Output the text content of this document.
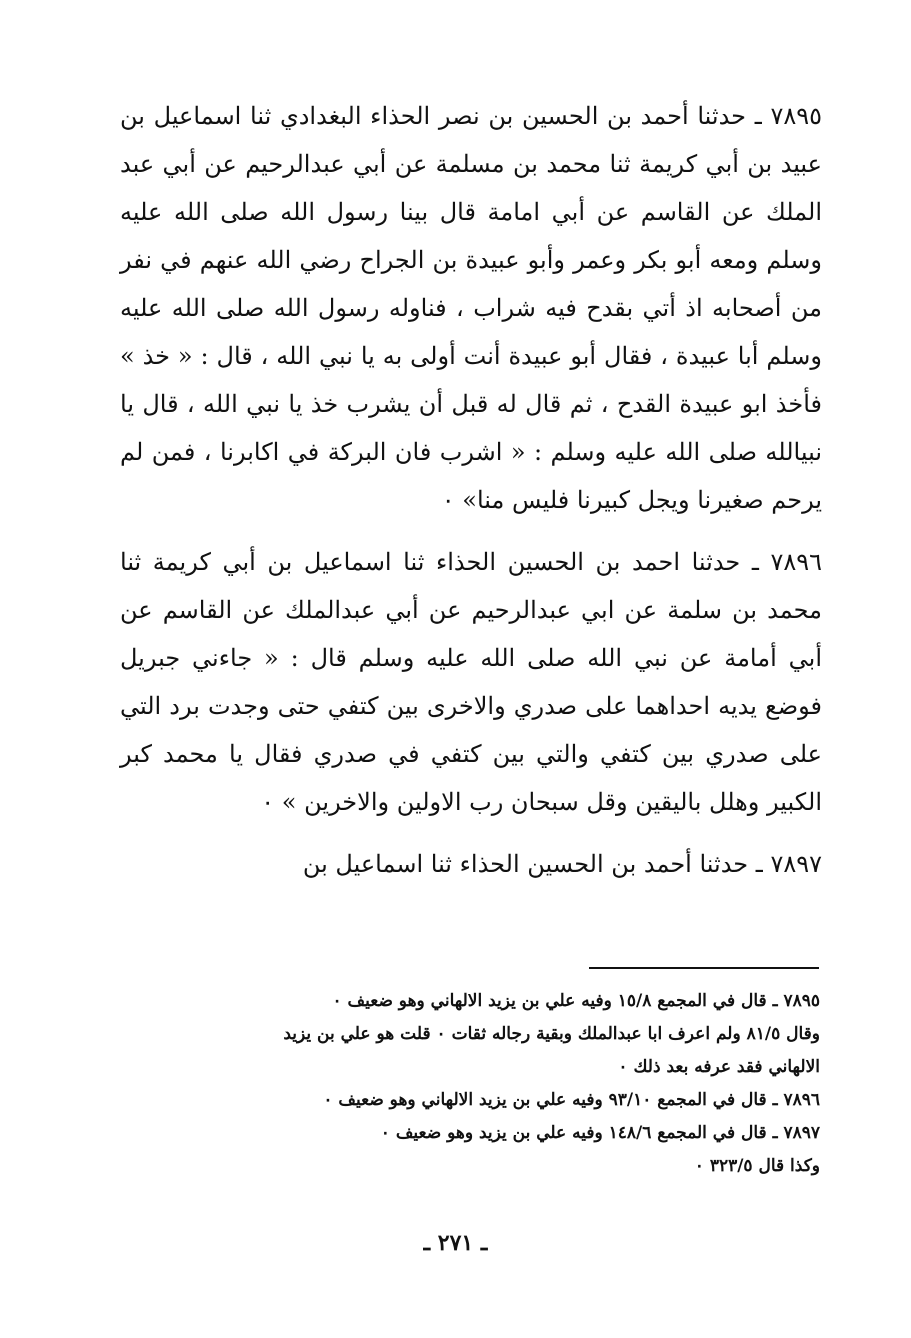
٧٨٩٥ ـ حدثنا أحمد بن الحسين بن نصر الحذاء البغدادي ثنا اسماعيل بن عبيد بن أبي كريمة ثنا محمد بن مسلمة عن أبي عبدالرحيم عن أبي عبد الملك عن القاسم عن أبي امامة قال بينا رسول الله صلى الله عليه وسلم ومعه أبو بكر وعمر وأبو عبيدة بن الجراح رضي الله عنهم في نفر من أصحابه اذ أتي بقدح فيه شراب ، فناوله رسول الله صلى الله عليه وسلم أبا عبيدة ، فقال أبو عبيدة أنت أولى به يا نبي الله ، قال : « خذ » فأخذ ابو عبيدة القدح ، ثم قال له قبل أن يشرب خذ يا نبي الله ، قال يا نبيالله صلى الله عليه وسلم : « اشرب فان البركة في اكابرنا ، فمن لم يرحم صغيرنا ويجل كبيرنا فليس منا» ٠

٧٨٩٦ ـ حدثنا احمد بن الحسين الحذاء ثنا اسماعيل بن أبي كريمة ثنا محمد بن سلمة عن ابي عبدالرحيم عن أبي عبدالملك عن القاسم عن أبي أمامة عن نبي الله صلى الله عليه وسلم قال : « جاءني جبريل فوضع يديه احداهما على صدري والاخرى بين كتفي حتى وجدت برد التي على صدري بين كتفي والتي بين كتفي في صدري فقال يا محمد كبر الكبير وهلل باليقين وقل سبحان رب الاولين والاخرين » ٠

٧٨٩٧ ـ حدثنا أحمد بن الحسين الحذاء ثنا اسماعيل بن

٧٨٩٥ ـ قال في المجمع ١٥/٨ وفيه علي بن يزيد الالهاني وهو ضعيف ٠

وقال ٨١/٥ ولم اعرف ابا عبدالملك وبقية رجاله ثقات ٠ قلت هو علي بن يزيد

الالهاني فقد عرفه بعد ذلك ٠

٧٨٩٦ ـ قال في المجمع ٩٣/١٠ وفيه علي بن يزيد الالهاني وهو ضعيف ٠

٧٨٩٧ ـ قال في المجمع ١٤٨/٦ وفيه علي بن يزيد وهو ضعيف ٠

وكذا قال ٣٢٣/٥ ٠

ـ ٢٧١ ـ
